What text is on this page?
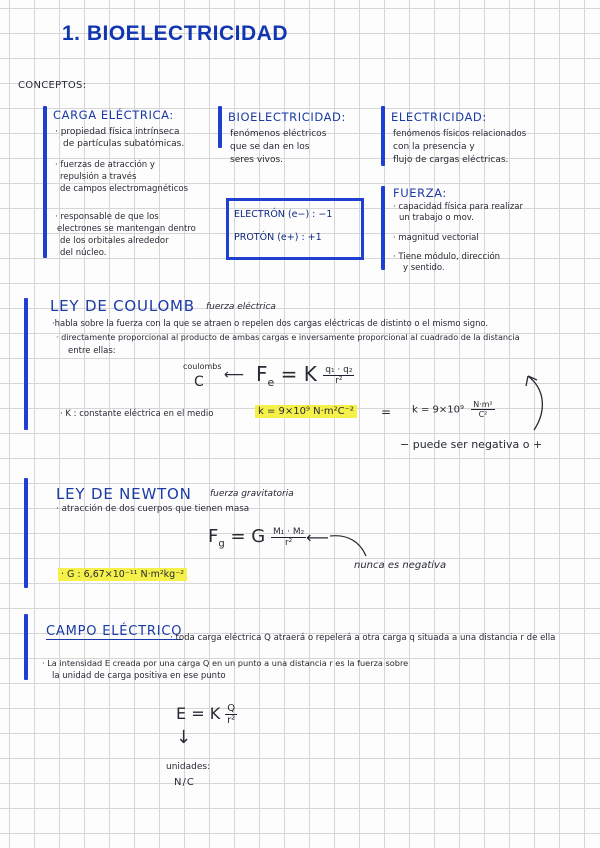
1. BIOELECTRICIDAD
CONCEPTOS:
CARGA ELÉCTRICA:
· propiedad física intrínseca
de partículas subatómicas.
· fuerzas de atracción y
repulsión a través
de campos electromagnéticos
· responsable de que los
electrones se mantengan dentro
de los orbitales alrededor
del núcleo.
BIOELECTRICIDAD:
fenómenos eléctricos
que se dan en los
seres vivos.
ELECTRÓN (e−) : −1
PROTÓN (e+) : +1
ELECTRICIDAD:
fenómenos físicos relacionados
con la presencia y
flujo de cargas eléctricas.
FUERZA:
· capacidad física para realizar
un trabajo o mov.
· magnitud vectorial
· Tiene módulo, dirección
y sentido.
LEY DE COULOMB fuerza eléctrica
·habla sobre la fuerza con la que se atraen o repelen dos cargas eléctricas de distinto o el mismo signo.
· directamente proporcional al producto de ambas cargas e inversamente proporcional al cuadrado de la distancia
entre ellas:
coulombs
C ⟵ $F_e = K \frac{\text{q₁ · q₂}}{\text{r²}}$
· K : constante eléctrica en el medio	k = 9×10⁹ $N\cdot m^2C^{-2} = k = 9\times 10^9 \frac{\text{N·m²}}{\text{C²}}$
− puede ser negativa o +
LEY DE NEWTON fuerza gravitatoria
· atracción de dos cuerpos que tienen masa
$F_g = G \frac{\text{M₁ · M₂}}{\text{r²}}$ ⟵
nunca es negativa
· G : 6,67×10⁻¹¹ N·m²kg⁻²
CAMPO ELÉCTRICO
· toda carga eléctrica Q atraerá o repelerá a otra carga q situada a una distancia r de ella
· La intensidad E creada por una carga Q en un punto a una distancia r es la fuerza sobre
la unidad de carga positiva en ese punto
E = K $\frac{Q}{\text{r²}}$
↓
unidades:
N/C
